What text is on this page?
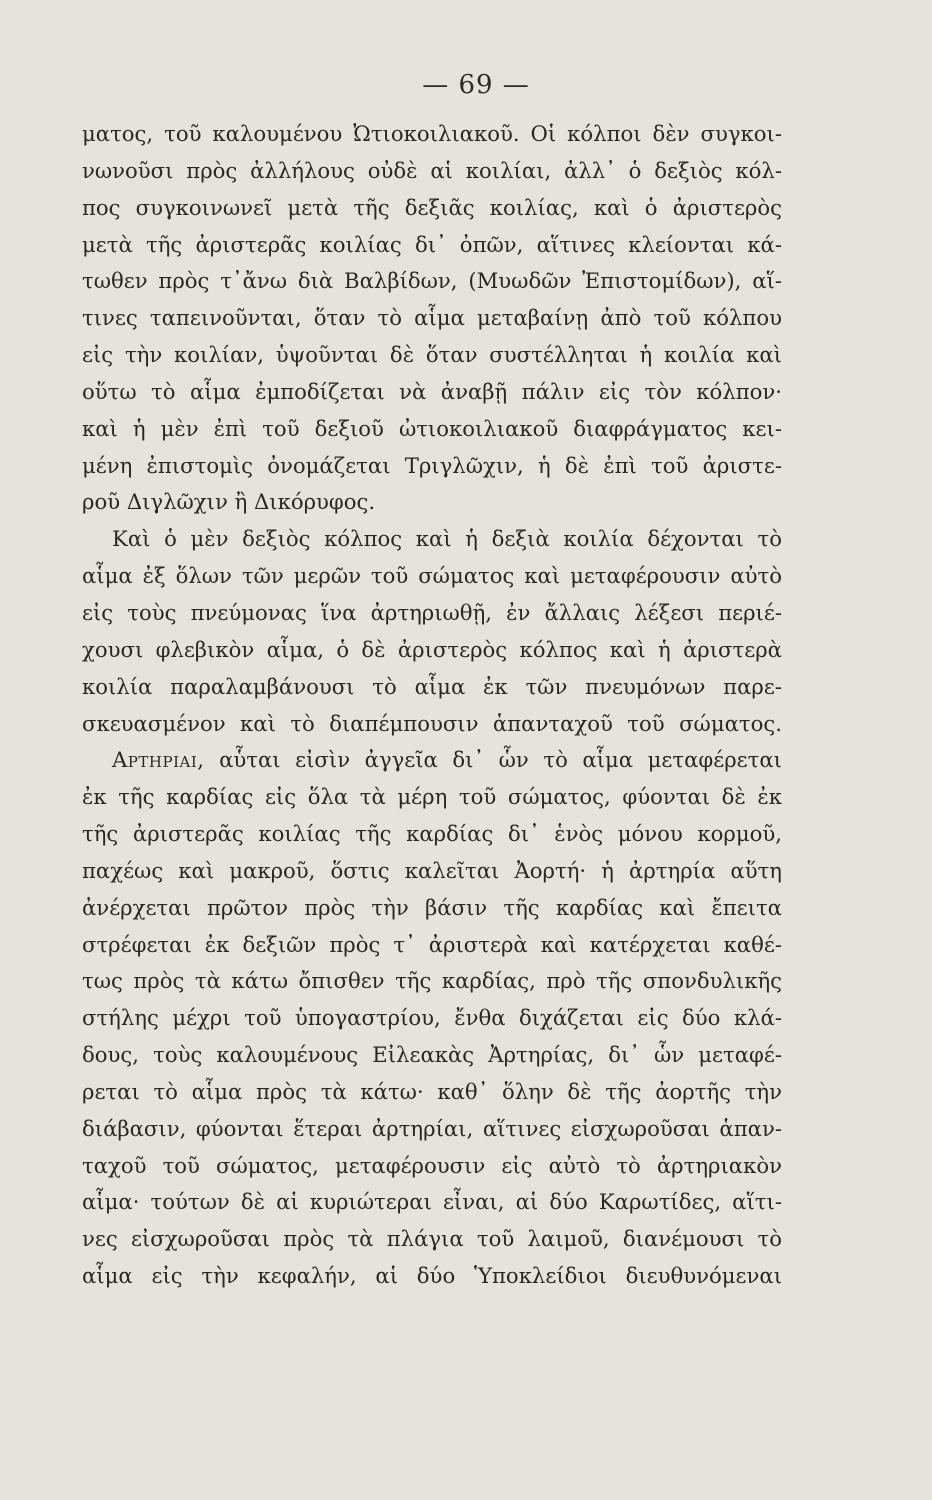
— 69 —
ματος, τοῦ καλουμένου Ὠτιοκοιλιακοῦ. Οἱ κόλποι δὲν συγκοι-
νωνοῦσι πρὸς ἀλλήλους οὐδὲ αἱ κοιλίαι, ἀλλ᾽ ὁ δεξιὸς κόλ-
πος συγκοινωνεῖ μετὰ τῆς δεξιᾶς κοιλίας, καὶ ὁ ἀριστερὸς
μετὰ τῆς ἀριστερᾶς κοιλίας δι᾽ ὀπῶν, αἵτινες κλείονται κά-
τωθεν πρὸς τ᾽ἄνω διὰ Βαλβίδων, (Μυωδῶν Ἐπιστομίδων), αἵ-
τινες ταπεινοῦνται, ὅταν τὸ αἷμα μεταβαίνῃ ἀπὸ τοῦ κόλπου
εἰς τὴν κοιλίαν, ὑψοῦνται δὲ ὅταν συστέλληται ἡ κοιλία καὶ
οὕτω τὸ αἷμα ἐμποδίζεται νὰ ἀναβῇ πάλιν εἰς τὸν κόλπον·
καὶ ἡ μὲν ἐπὶ τοῦ δεξιοῦ ὠτιοκοιλιακοῦ διαφράγματος κει-
μένη ἐπιστομὶς ὀνομάζεται Τριγλῶχιν, ἡ δὲ ἐπὶ τοῦ ἀριστε-
ροῦ Διγλῶχιν ἢ Δικόρυφος.
Καὶ ὁ μὲν δεξιὸς κόλπος καὶ ἡ δεξιὰ κοιλία δέχονται τὸ
αἷμα ἐξ ὅλων τῶν μερῶν τοῦ σώματος καὶ μεταφέρουσιν αὐτὸ
εἰς τοὺς πνεύμονας ἵνα ἀρτηριωθῇ, ἐν ἄλλαις λέξεσι περιέ-
χουσι φλεβικὸν αἷμα, ὁ δὲ ἀριστερὸς κόλπος καὶ ἡ ἀριστερὰ
κοιλία παραλαμβάνουσι τὸ αἷμα ἐκ τῶν πνευμόνων παρε-
σκευασμένον καὶ τὸ διαπέμπουσιν ἁπανταχοῦ τοῦ σώματος.
Αρτηριαι, αὗται εἰσὶν ἀγγεῖα δι᾽ ὧν τὸ αἷμα μεταφέρεται
ἐκ τῆς καρδίας εἰς ὅλα τὰ μέρη τοῦ σώματος, φύονται δὲ ἐκ
τῆς ἀριστερᾶς κοιλίας τῆς καρδίας δι᾽ ἑνὸς μόνου κορμοῦ,
παχέως καὶ μακροῦ, ὅστις καλεῖται Ἀορτή· ἡ ἀρτηρία αὕτη
ἀνέρχεται πρῶτον πρὸς τὴν βάσιν τῆς καρδίας καὶ ἔπειτα
στρέφεται ἐκ δεξιῶν πρὸς τ᾽ ἀριστερὰ καὶ κατέρχεται καθέ-
τως πρὸς τὰ κάτω ὄπισθεν τῆς καρδίας, πρὸ τῆς σπονδυλικῆς
στήλης μέχρι τοῦ ὑπογαστρίου, ἔνθα διχάζεται εἰς δύο κλά-
δους, τοὺς καλουμένους Εἰλεακὰς Ἀρτηρίας, δι᾽ ὧν μεταφέ-
ρεται τὸ αἷμα πρὸς τὰ κάτω· καθ᾽ ὅλην δὲ τῆς ἀορτῆς τὴν
διάβασιν, φύονται ἕτεραι ἀρτηρίαι, αἵτινες εἰσχωροῦσαι ἁπαν-
ταχοῦ τοῦ σώματος, μεταφέρουσιν εἰς αὐτὸ τὸ ἀρτηριακὸν
αἷμα· τούτων δὲ αἱ κυριώτεραι εἶναι, αἱ δύο Καρωτίδες, αἵτι-
νες εἰσχωροῦσαι πρὸς τὰ πλάγια τοῦ λαιμοῦ, διανέμουσι τὸ
αἷμα εἰς τὴν κεφαλήν, αἱ δύο Ὑποκλείδιοι διευθυνόμεναι
